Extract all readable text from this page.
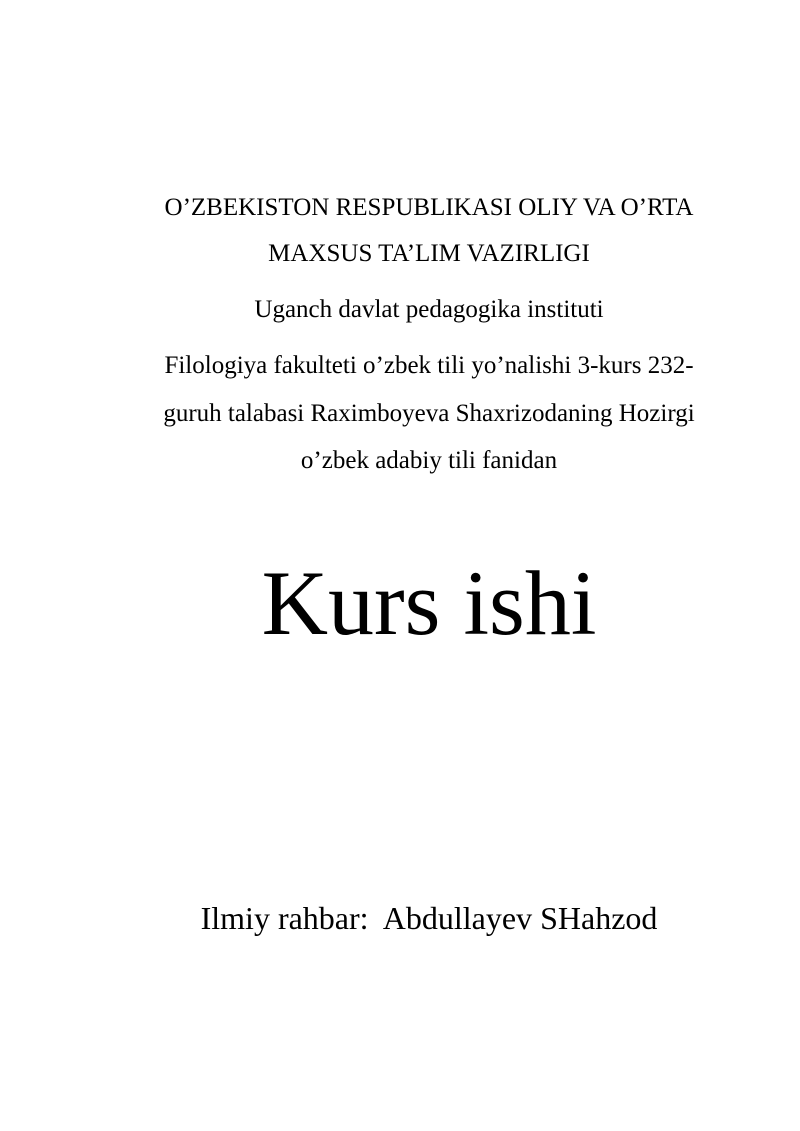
O’ZBEKISTON RESPUBLIKASI OLIY VA O’RTA
MAXSUS TA’LIM VAZIRLIGI
Uganch davlat pedagogika instituti
Filologiya fakulteti o’zbek tili yo’nalishi 3-kurs 232-
guruh talabasi Raximboyeva Shaxrizodaning Hozirgi
o’zbek adabiy tili fanidan
Kurs ishi
Ilmiy rahbar:  Abdullayev SHahzod
